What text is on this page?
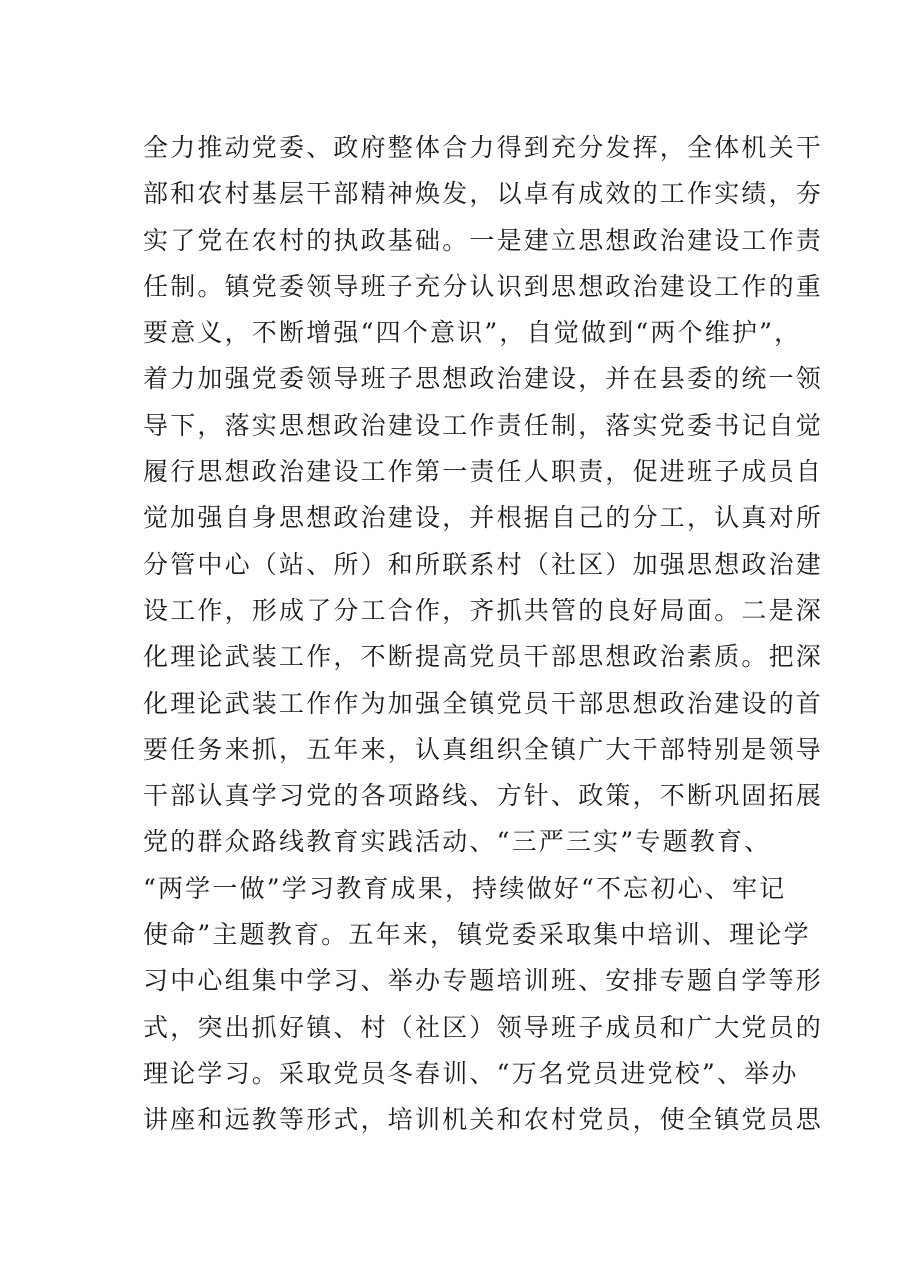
全力推动党委、政府整体合力得到充分发挥，全体机关干
部和农村基层干部精神焕发，以卓有成效的工作实绩，夯
实了党在农村的执政基础。一是建立思想政治建设工作责
任制。镇党委领导班子充分认识到思想政治建设工作的重
要意义，不断增强“四个意识”，自觉做到“两个维护”，
着力加强党委领导班子思想政治建设，并在县委的统一领
导下，落实思想政治建设工作责任制，落实党委书记自觉
履行思想政治建设工作第一责任人职责，促进班子成员自
觉加强自身思想政治建设，并根据自己的分工，认真对所
分管中心（站、所）和所联系村（社区）加强思想政治建
设工作，形成了分工合作，齐抓共管的良好局面。二是深
化理论武装工作，不断提高党员干部思想政治素质。把深
化理论武装工作作为加强全镇党员干部思想政治建设的首
要任务来抓，五年来，认真组织全镇广大干部特别是领导
干部认真学习党的各项路线、方针、政策，不断巩固拓展
党的群众路线教育实践活动、“三严三实”专题教育、
“两学一做”学习教育成果，持续做好“不忘初心、牢记
使命”主题教育。五年来，镇党委采取集中培训、理论学
习中心组集中学习、举办专题培训班、安排专题自学等形
式，突出抓好镇、村（社区）领导班子成员和广大党员的
理论学习。采取党员冬春训、“万名党员进党校”、举办
讲座和远教等形式，培训机关和农村党员，使全镇党员思
